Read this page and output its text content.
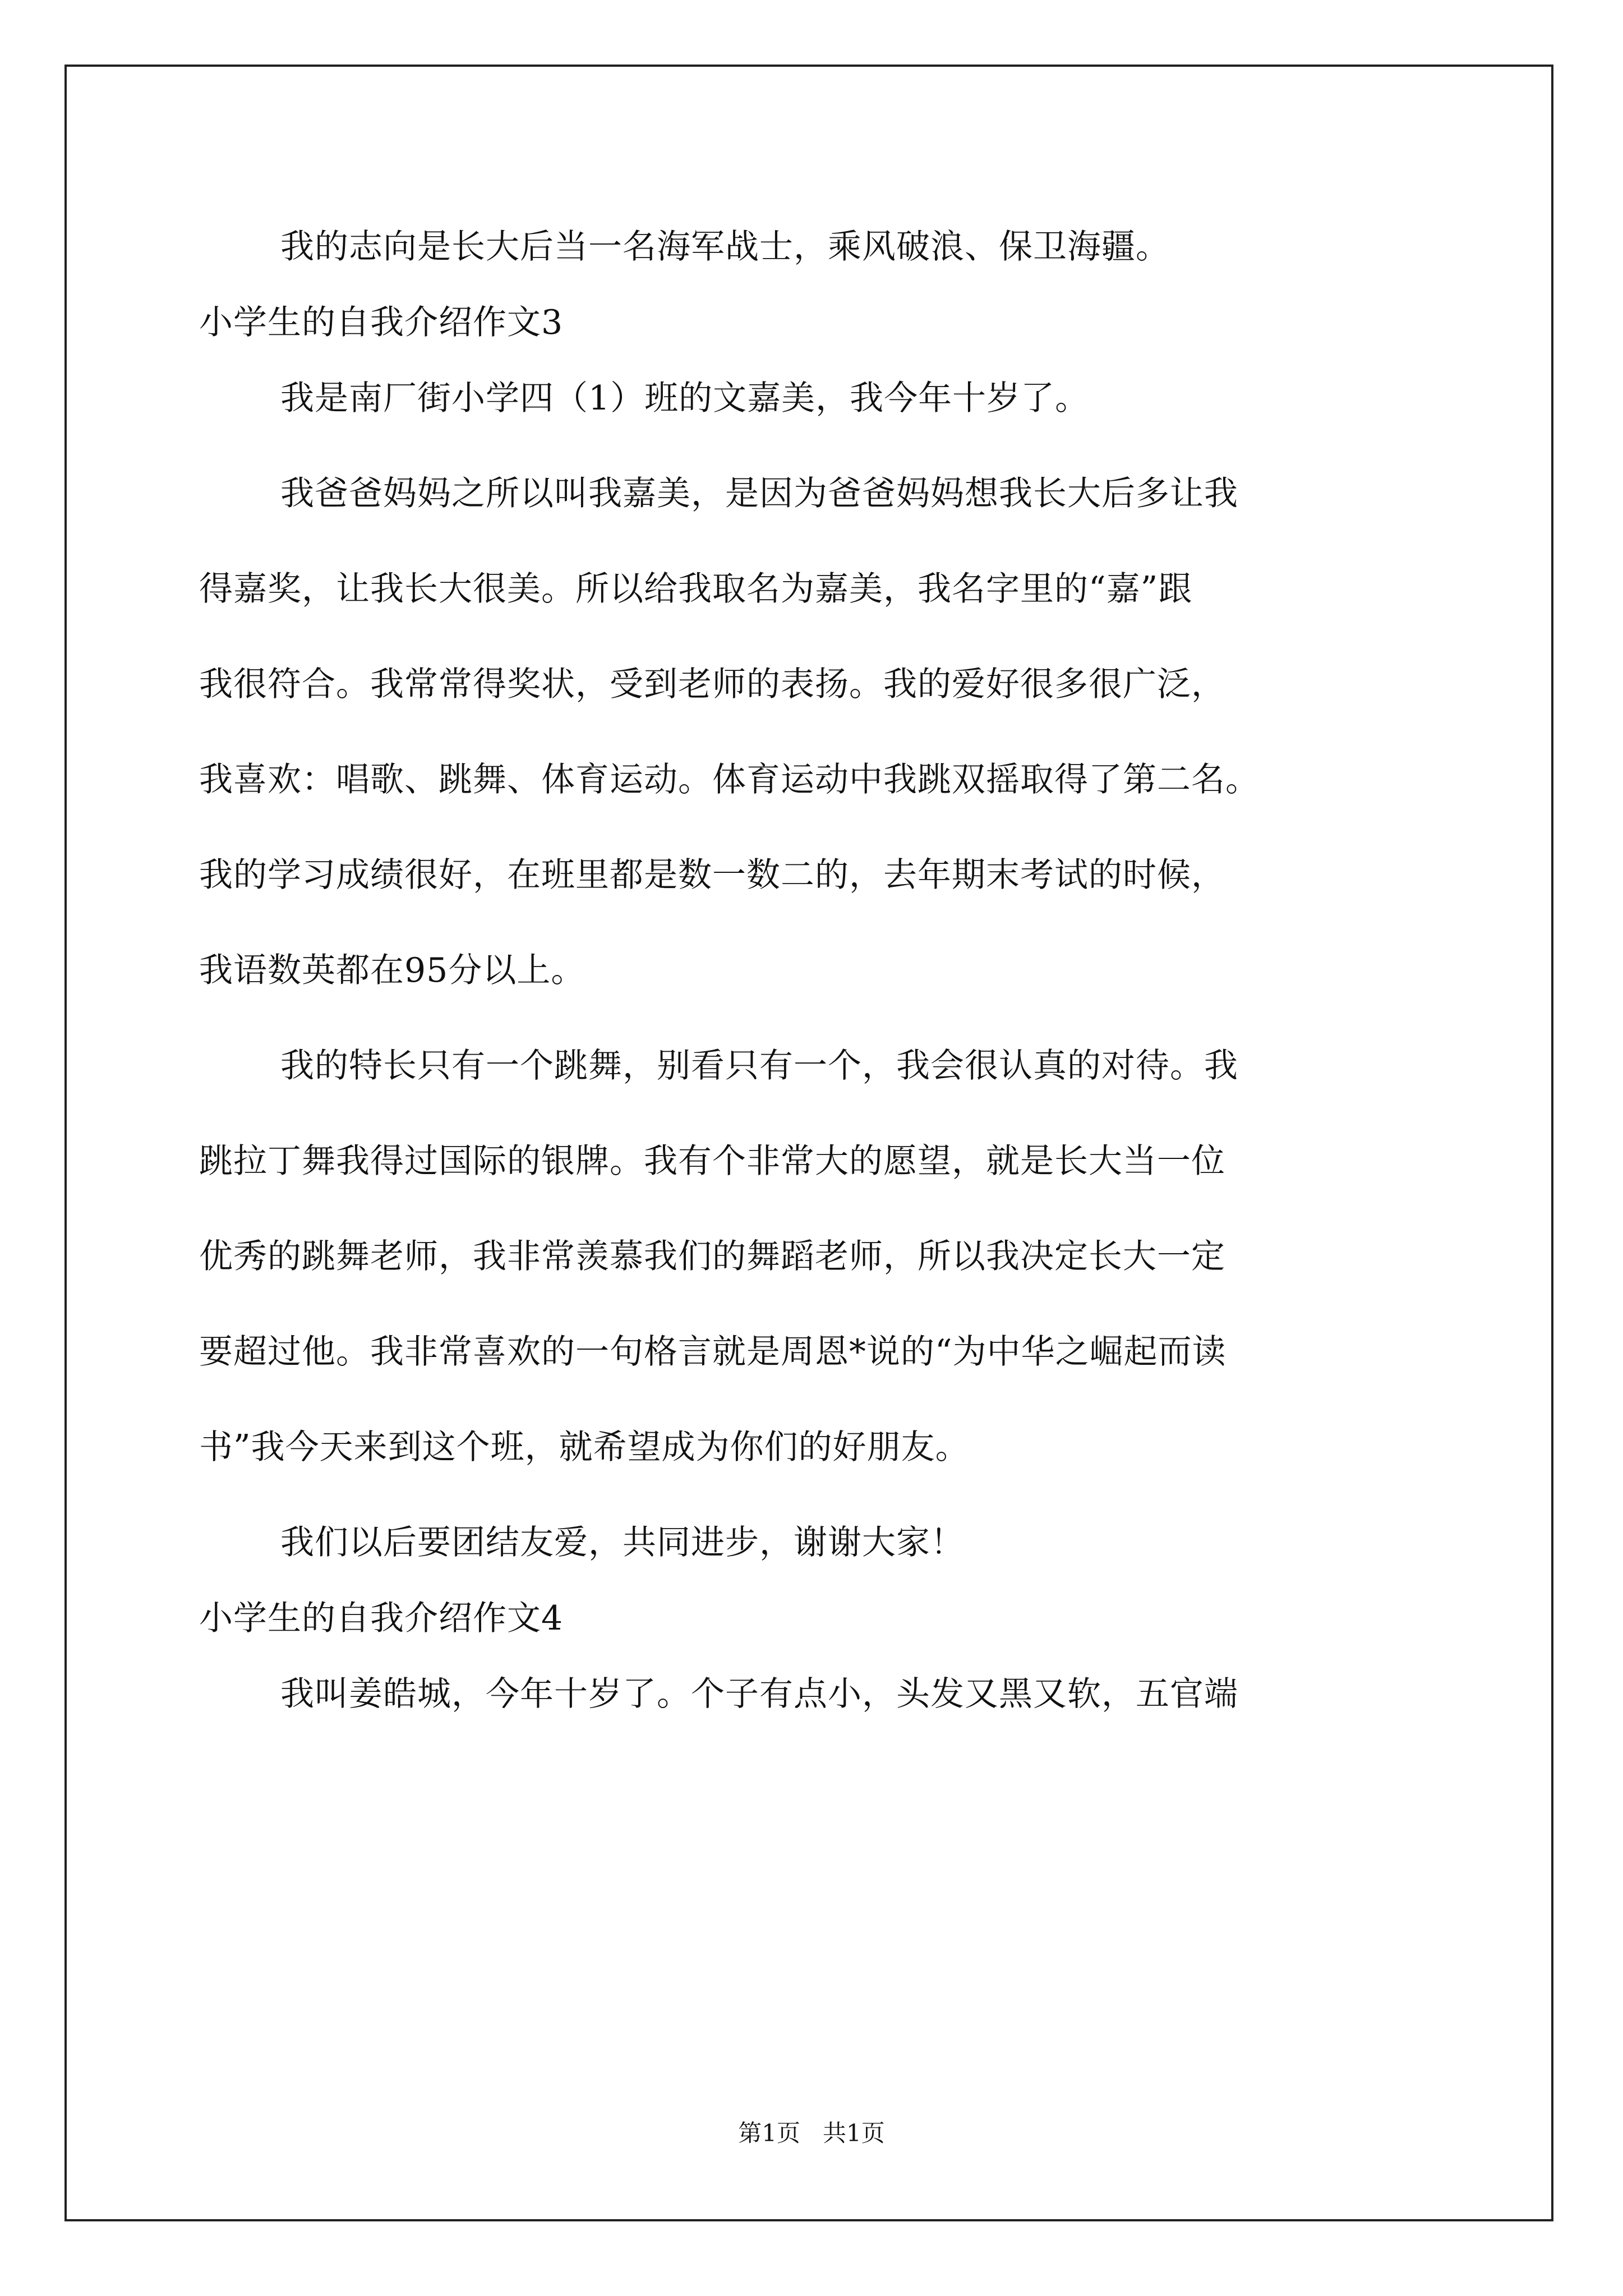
我的志向是长大后当一名海军战士，乘风破浪、保卫海疆。
小学生的自我介绍作文3
我是南厂街小学四（1）班的文嘉美，我今年十岁了。
我爸爸妈妈之所以叫我嘉美，是因为爸爸妈妈想我长大后多让我
得嘉奖，让我长大很美。所以给我取名为嘉美，我名字里的“嘉”跟
我很符合。我常常得奖状，受到老师的表扬。我的爱好很多很广泛，
我喜欢：唱歌、跳舞、体育运动。体育运动中我跳双摇取得了第二名。
我的学习成绩很好，在班里都是数一数二的，去年期末考试的时候，
我语数英都在95分以上。
我的特长只有一个跳舞，别看只有一个，我会很认真的对待。我
跳拉丁舞我得过国际的银牌。我有个非常大的愿望，就是长大当一位
优秀的跳舞老师，我非常羡慕我们的舞蹈老师，所以我决定长大一定
要超过他。我非常喜欢的一句格言就是周恩*说的“为中华之崛起而读
书”我今天来到这个班，就希望成为你们的好朋友。
我们以后要团结友爱，共同进步，谢谢大家！
小学生的自我介绍作文4
我叫姜皓城，今年十岁了。个子有点小，头发又黑又软，五官端
第1页   共1页
